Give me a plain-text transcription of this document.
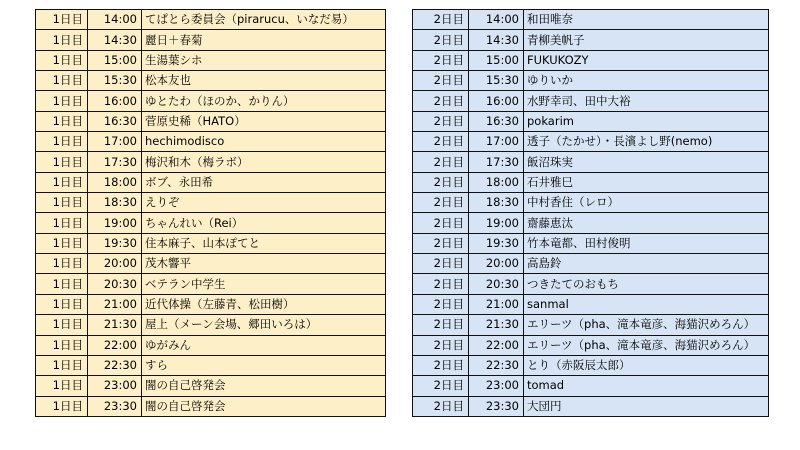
1日目	14:00	てぱとら委員会（pirarucu、いなだ易）
1日目	14:30	麗日＋春菊
1日目	15:00	生湯葉シホ
1日目	15:30	松本友也
1日目	16:00	ゆとたわ（ほのか、かりん）
1日目	16:30	菅原史稀（HATO）
1日目	17:00	hechimodisco
1日目	17:30	梅沢和木（梅ラボ）
1日目	18:00	ボブ、永田希
1日目	18:30	えりぞ
1日目	19:00	ちゃんれい（Rei）
1日目	19:30	住本麻子、山本ぽてと
1日目	20:00	茂木響平
1日目	20:30	ベテラン中学生
1日目	21:00	近代体操（左藤青、松田樹）
1日目	21:30	屋上（メーン会場、郷田いろは）
1日目	22:00	ゆがみん
1日目	22:30	すら
1日目	23:00	闇の自己啓発会
1日目	23:30	闇の自己啓発会
2日目	14:00	和田唯奈
2日目	14:30	青柳美帆子
2日目	15:00	FUKUKOZY
2日目	15:30	ゆりいか
2日目	16:00	水野幸司、田中大裕
2日目	16:30	pokarim
2日目	17:00	透子（たかせ）・長濱よし野(nemo)
2日目	17:30	飯沼珠実
2日目	18:00	石井雅巳
2日目	18:30	中村香住（レロ）
2日目	19:00	齋藤恵汰
2日目	19:30	竹本竜都、田村俊明
2日目	20:00	高島鈴
2日目	20:30	つきたてのおもち
2日目	21:00	sanmal
2日目	21:30	エリーツ（pha、滝本竜彦、海猫沢めろん）
2日目	22:00	エリーツ（pha、滝本竜彦、海猫沢めろん）
2日目	22:30	とり（赤阪辰太郎）
2日目	23:00	tomad
2日目	23:30	大団円
